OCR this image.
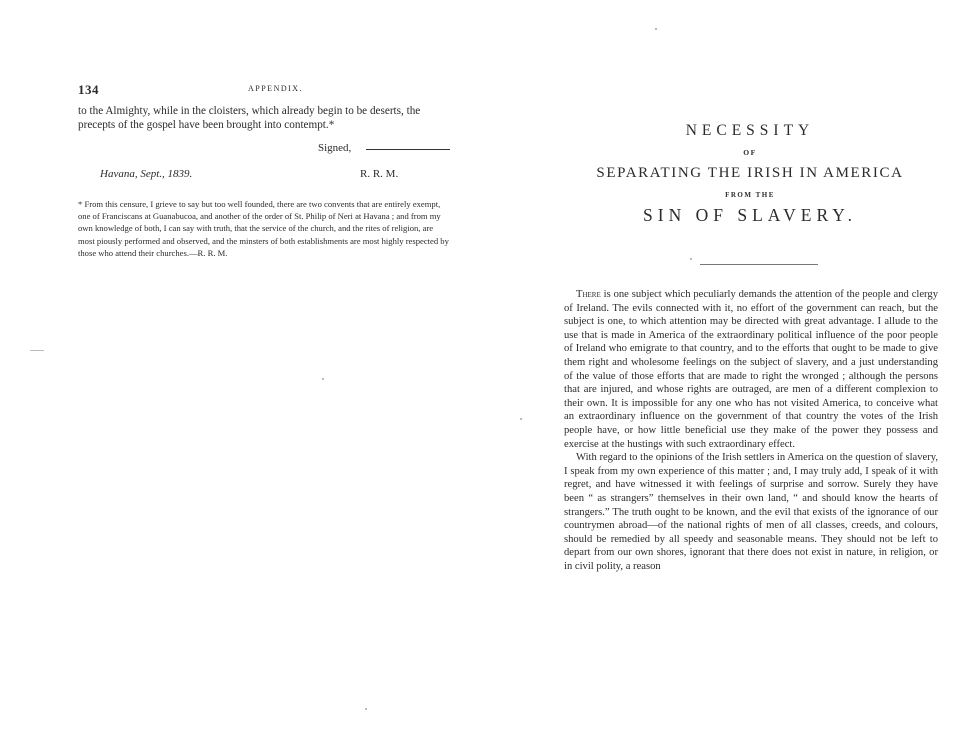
134	APPENDIX.
to the Almighty, while in the cloisters, which already begin to be deserts, the precepts of the gospel have been brought into contempt.*
Signed,
Havana, Sept., 1839.	R. R. M.
* From this censure, I grieve to say but too well founded, there are two convents that are entirely exempt, one of Franciscans at Guanabucoa, and another of the order of St. Philip of Neri at Havana ; and from my own knowledge of both, I can say with truth, that the service of the church, and the rites of religion, are most piously performed and observed, and the minsters of both establishments are most highly respected by those who attend their churches.—R. R. M.
NECESSITY
OF
SEPARATING THE IRISH IN AMERICA
FROM THE
SIN OF SLAVERY.

There is one subject which peculiarly demands the attention of the people and clergy of Ireland. The evils connected with it, no effort of the government can reach, but the subject is one, to which attention may be directed with great advantage. I allude to the use that is made in America of the extraordinary political influence of the poor people of Ireland who emigrate to that country, and to the efforts that ought to be made to give them right and wholesome feelings on the subject of slavery, and a just understanding of the value of those efforts that are made to right the wronged ; although the persons that are injured, and whose rights are outraged, are men of a different complexion to their own. It is impossible for any one who has not visited America, to conceive what an extraordinary influence on the government of that country the votes of the Irish people have, or how little beneficial use they make of the power they possess and exercise at the hustings with such extraordinary effect.

With regard to the opinions of the Irish settlers in America on the question of slavery, I speak from my own experience of this matter ; and, I may truly add, I speak of it with regret, and have witnessed it with feelings of surprise and sorrow. Surely they have been “ as strangers” themselves in their own land, “ and should know the hearts of strangers.” The truth ought to be known, and the evil that exists of the ignorance of our countrymen abroad—of the national rights of men of all classes, creeds, and colours, should be remedied by all speedy and seasonable means. They should not be left to depart from our own shores, ignorant that there does not exist in nature, in religion, or in civil polity, a reason
